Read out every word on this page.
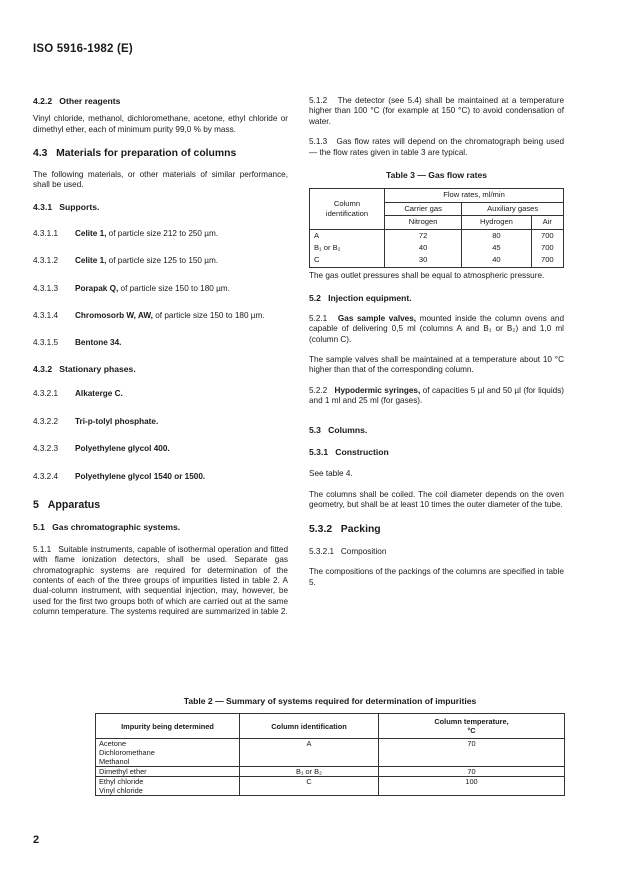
ISO 5916-1982 (E)
4.2.2 Other reagents
Vinyl chloride, methanol, dichloromethane, acetone, ethyl chloride or dimethyl ether, each of minimum purity 99,0 % by mass.
4.3 Materials for preparation of columns
The following materials, or other materials of similar performance, shall be used.
4.3.1 Supports.
4.3.1.1	Celite 1, of particle size 212 to 250 µm.
4.3.1.2	Celite 1, of particle size 125 to 150 µm.
4.3.1.3	Porapak Q, of particle size 150 to 180 µm.
4.3.1.4	Chromosorb W, AW, of particle size 150 to 180 µm.
4.3.1.5	Bentone 34.
4.3.2 Stationary phases.
4.3.2.1	Alkaterge C.
4.3.2.2	Tri-p-tolyl phosphate.
4.3.2.3	Polyethylene glycol 400.
4.3.2.4	Polyethylene glycol 1540 or 1500.
5 Apparatus
5.1 Gas chromatographic systems.
5.1.1 Suitable instruments, capable of isothermal operation and fitted with flame ionization detectors, shall be used. Separate gas chromatographic systems are required for determination of the contents of each of the three groups of impurities listed in table 2. A dual-column instrument, with sequential injection, may, however, be used for the first two groups both of which are carried out at the same column temperature. The systems required are summarized in table 2.
5.1.2 The detector (see 5.4) shall be maintained at a temperature higher than 100 °C (for example at 150 °C) to avoid condensation of water.
5.1.3 Gas flow rates will depend on the chromatograph being used — the flow rates given in table 3 are typical.
Table 3 — Gas flow rates
Column identification	Flow rates, ml/min		
	Carrier gas	Auxiliary gases	
	Nitrogen	Hydrogen	Air
A	72	80	700
B₁ or B₂	40	45	700
C	30	40	700
The gas outlet pressures shall be equal to atmospheric pressure.
5.2 Injection equipment.
5.2.1 Gas sample valves, mounted inside the column ovens and capable of delivering 0,5 ml (columns A and B₁ or B₂) and 1,0 ml (column C).
The sample valves shall be maintained at a temperature about 10 °C higher than that of the corresponding column.
5.2.2 Hypodermic syringes, of capacities 5 µl and 50 µl (for liquids) and 1 ml and 25 ml (for gases).
5.3 Columns.
5.3.1 Construction
See table 4.
The columns shall be coiled. The coil diameter depends on the oven geometry, but shall be at least 10 times the outer diameter of the tube.
5.3.2 Packing
5.3.2.1 Composition
The compositions of the packings of the columns are specified in table 5.
Table 2 — Summary of systems required for determination of impurities
Impurity being determined	Column identification	Column temperature,
°C

Acetone
Dichloromethane
Methanol	A	70

Dimethyl ether	B₁ or B₂	70

Ethyl chloride
Vinyl chloride	C	100
2
